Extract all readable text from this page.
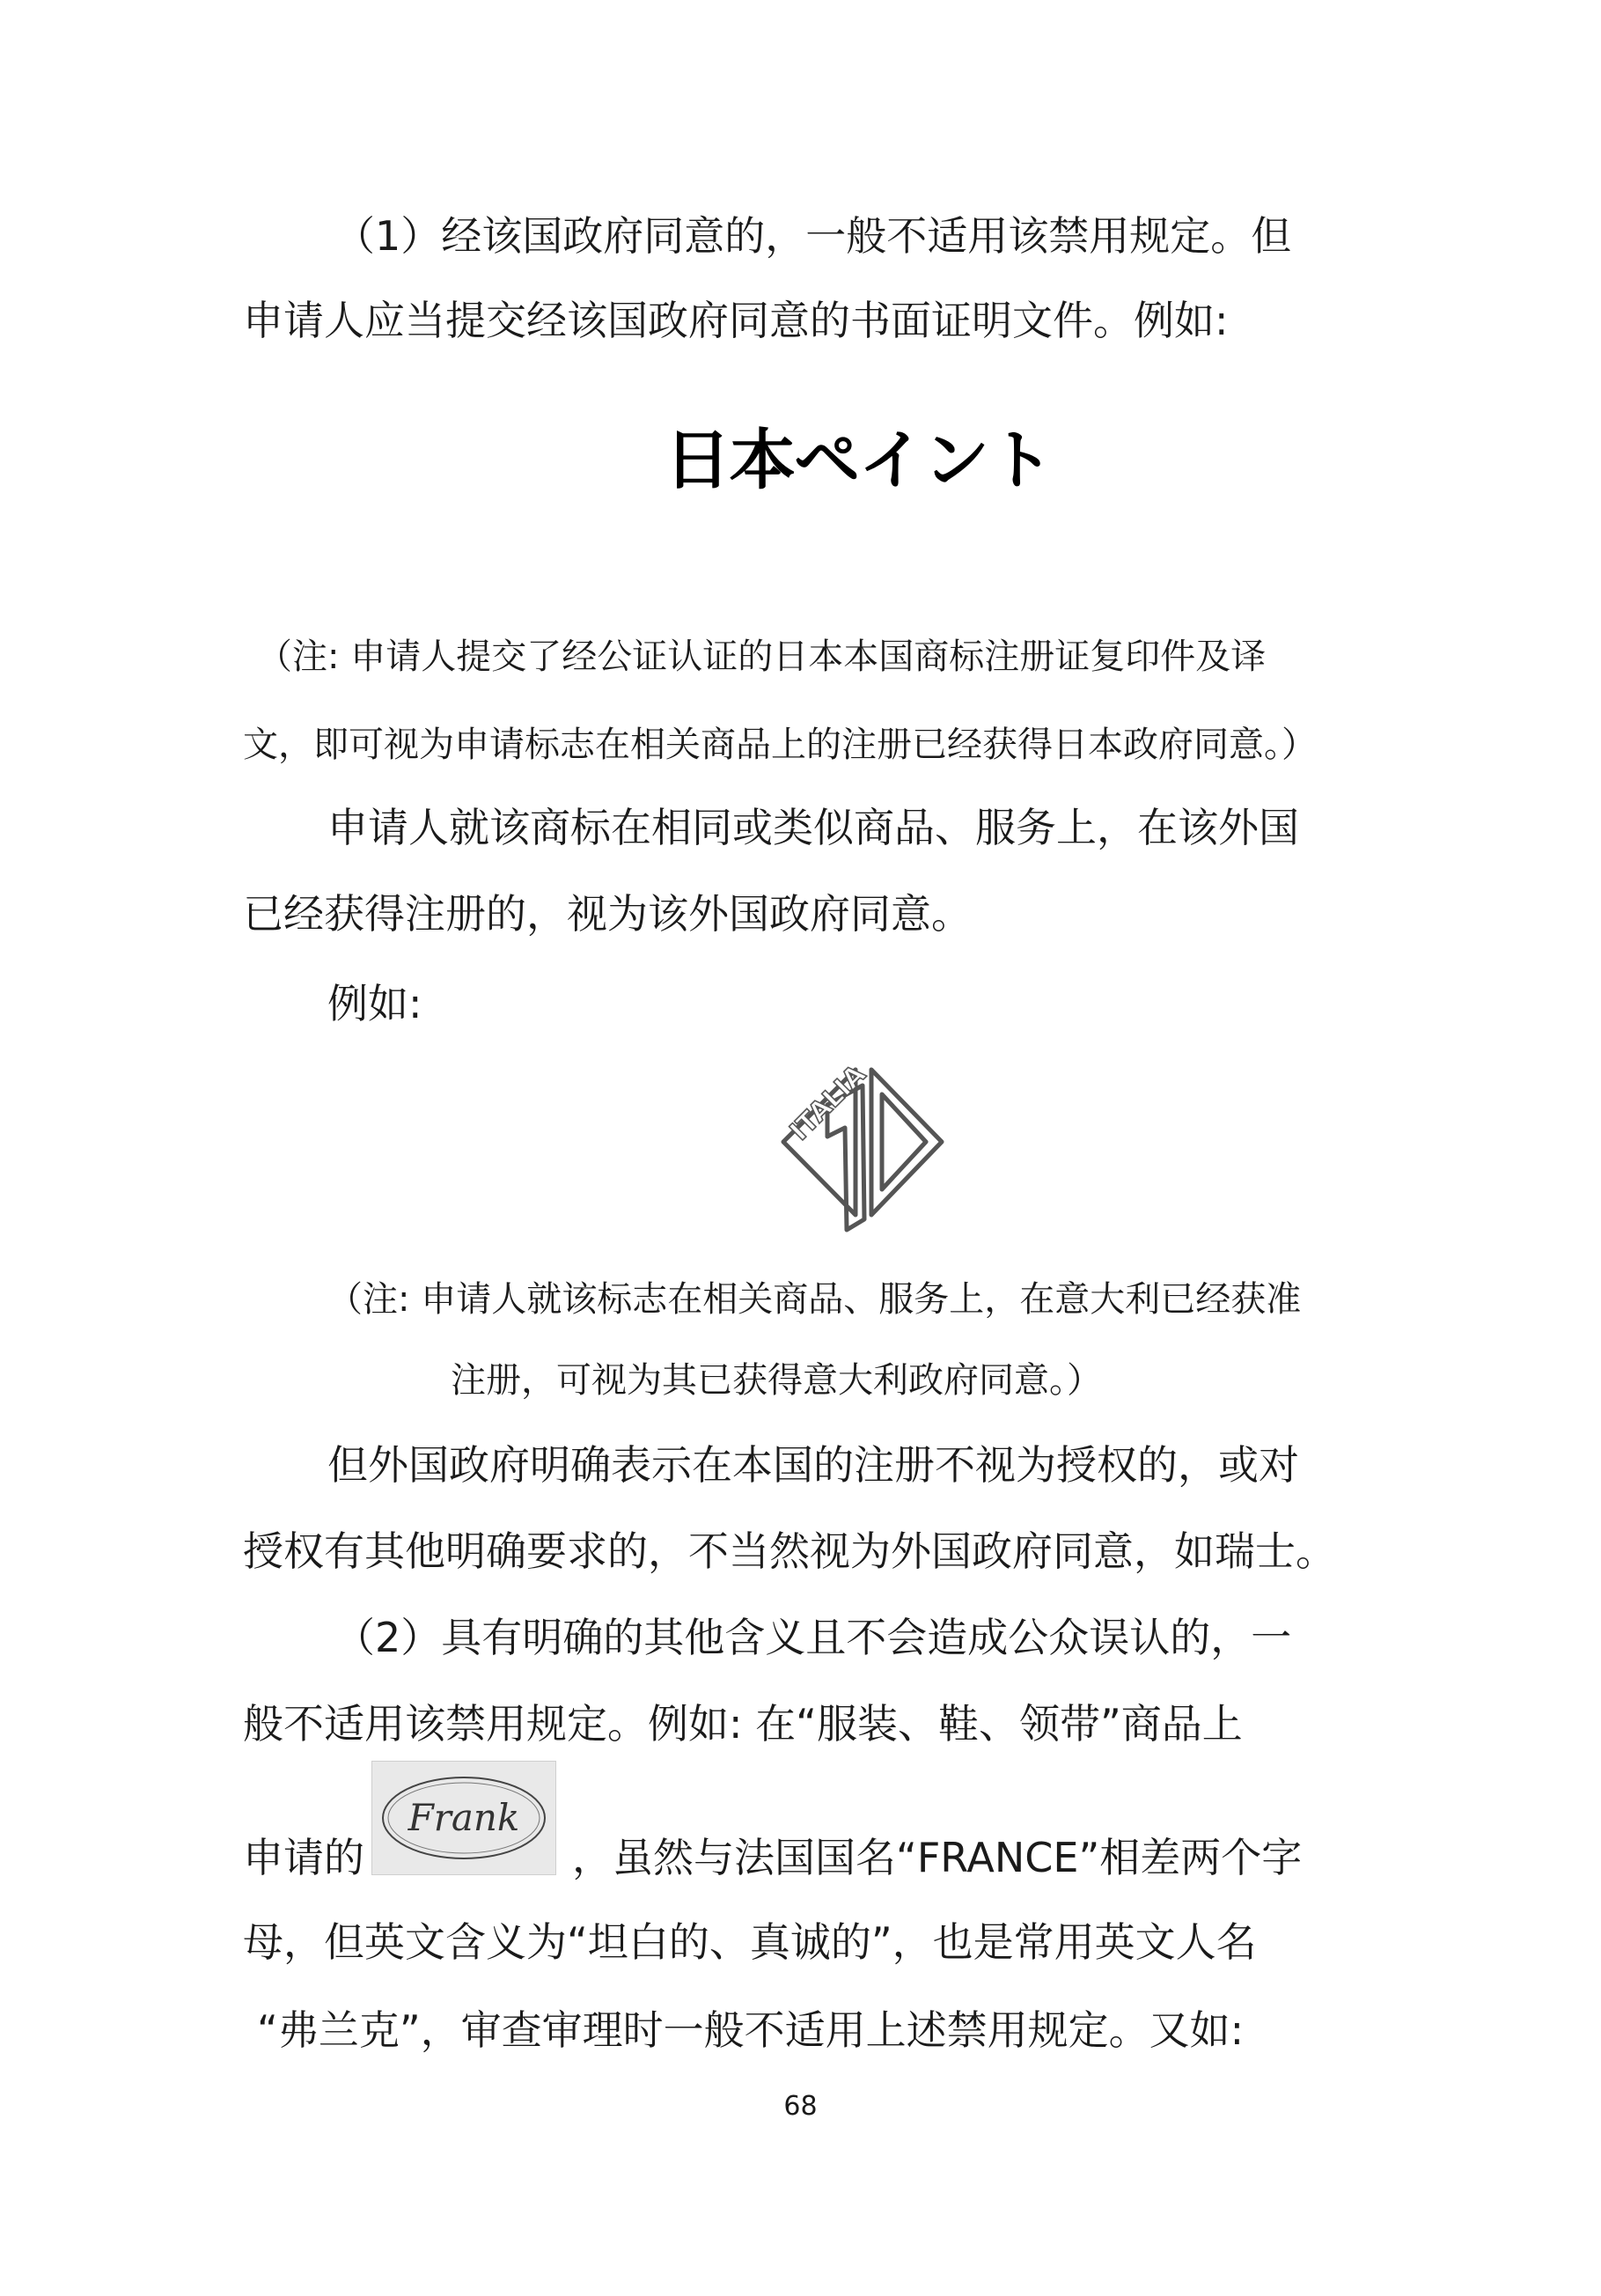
（1）经该国政府同意的，一般不适用该禁用规定。但
申请人应当提交经该国政府同意的书面证明文件。例如:
日本ペイント
（注: 申请人提交了经公证认证的日本本国商标注册证复印件及译
文，即可视为申请标志在相关商品上的注册已经获得日本政府同意。）
申请人就该商标在相同或类似商品、服务上，在该外国
已经获得注册的，视为该外国政府同意。
例如:
ITALIA
（注: 申请人就该标志在相关商品、服务上，在意大利已经获准
注册，可视为其已获得意大利政府同意。）
但外国政府明确表示在本国的注册不视为授权的，或对
授权有其他明确要求的，不当然视为外国政府同意，如瑞士。
（2）具有明确的其他含义且不会造成公众误认的，一
般不适用该禁用规定。例如: 在“服装、鞋、领带”商品上
申请的
Frank
，虽然与法国国名“FRANCE”相差两个字
母，但英文含义为“坦白的、真诚的”，也是常用英文人名
“弗兰克”，审查审理时一般不适用上述禁用规定。又如:
68
